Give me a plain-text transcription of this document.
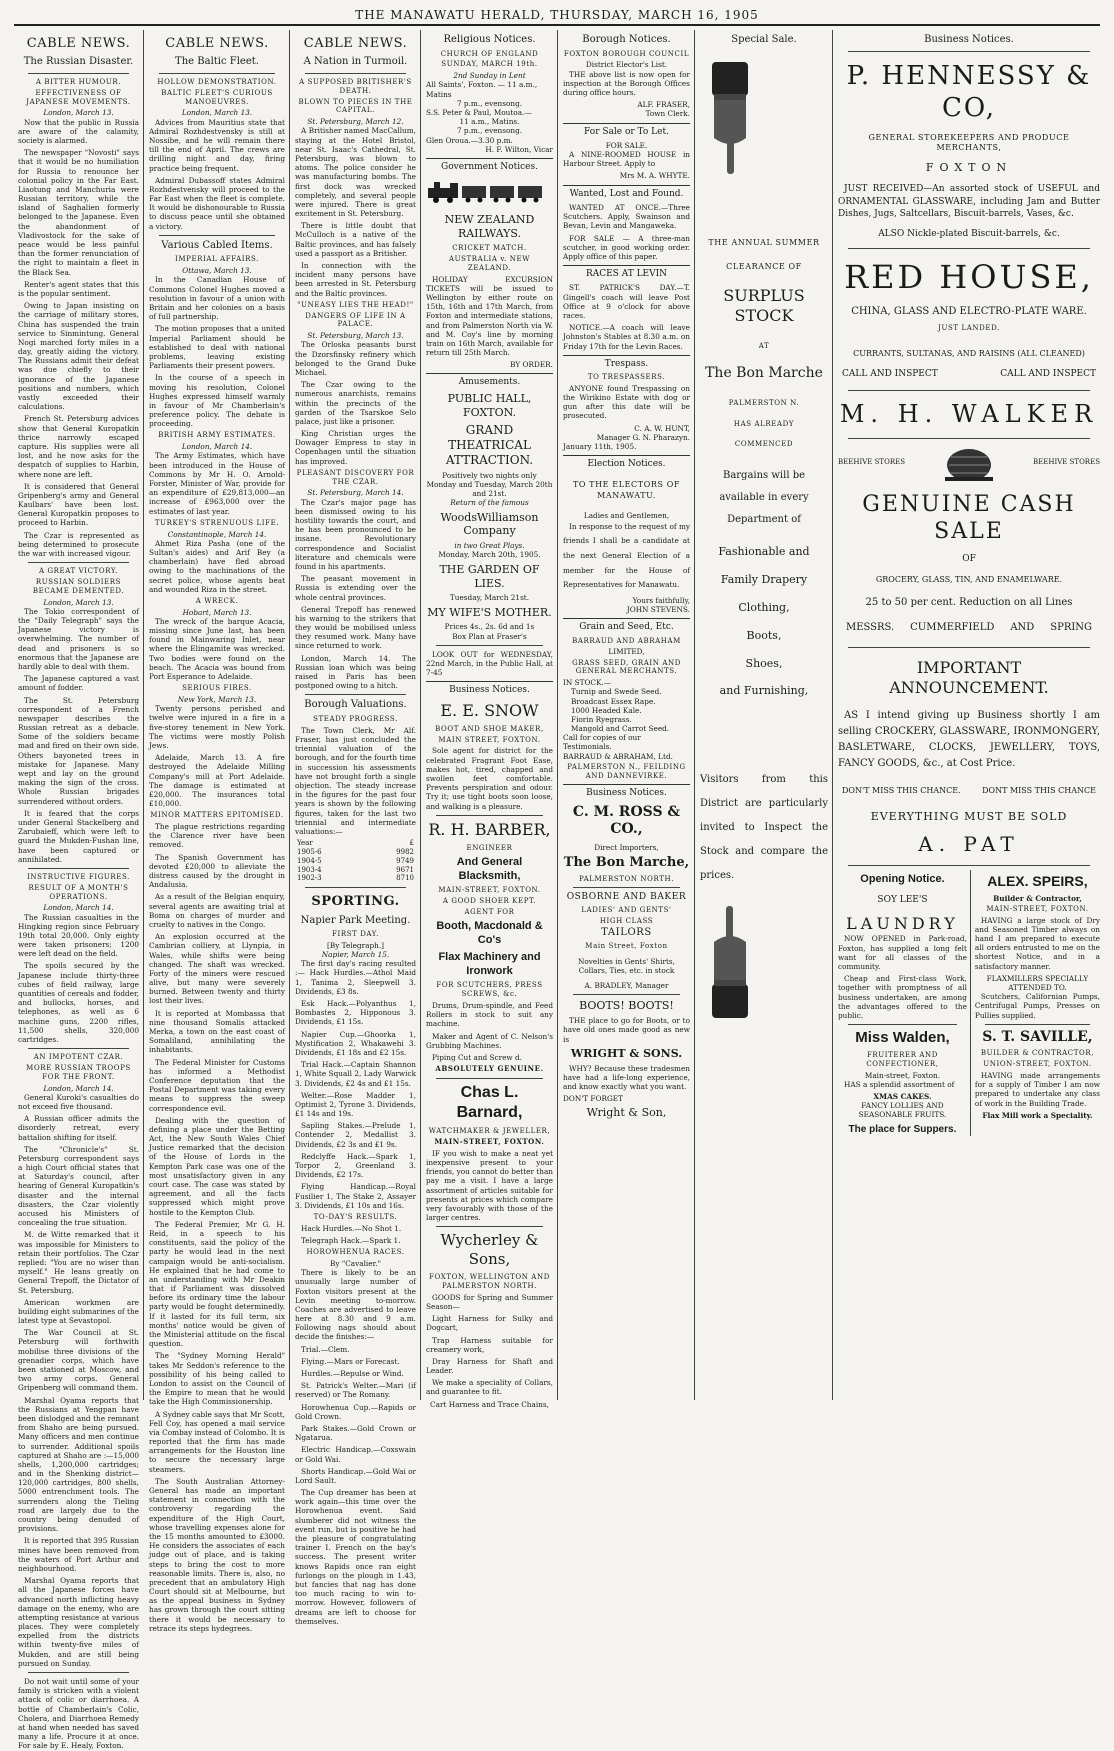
THE MANAWATU HERALD, THURSDAY, MARCH 16, 1905
CABLE NEWS.
The Russian Disaster.
A BITTER HUMOUR.
EFFECTIVENESS OF JAPANESE MOVEMENTS.
London, March 13.

Now that the public in Russia are aware of the calamity, society is alarmed.

The newspaper "Novosti" says that it would be no humiliation for Russia to renounce her colonial policy in the Far East. Liaotung and Manchuria were Russian territory, while the island of Saghalien formerly belonged to the Japanese. Even the abandonment of Vladivostock for the sake of peace would be less painful than the former renunciation of the right to maintain a fleet in the Black Sea.

Renter's agent states that this is the popular sentiment.

Owing to Japan insisting on the carriage of military stores, China has suspended the train service to Sinmintung. General Nogi marched forty miles in a day, greatly aiding the victory. The Russians admit their defeat was due chiefly to their ignorance of the Japanese positions and numbers, which vastly exceeded their calculations.

French St. Petersburg advices show that General Kuropatkin thrice narrowly escaped capture. His supplies were all lost, and he now asks for the despatch of supplies to Harbin, where none are left.

It is considered that General Gripenberg's army and General Kaulbars' have been lost. General Kuropatkin proposes to proceed to Harbin.

The Czar is represented as being determined to prosecute the war with increased vigour.

A GREAT VICTORY.
RUSSIAN SOLDIERS BECAME DEMENTED.
London, March 13.

The Tokio correspondent of the "Daily Telegraph" says the Japanese victory is overwhelming. The number of dead and prisoners is so enormous that the Japanese are hardly able to deal with them.

The Japanese captured a vast amount of fodder.

The St. Petersburg correspondent of a French newspaper describes the Russian retreat as a debacle. Some of the soldiers became mad and fired on their own side. Others bayoneted trees in mistake for Japanese. Many wept and lay on the ground making the sign of the cross. Whole Russian brigades surrendered without orders.

It is feared that the corps under General Stackelberg and Zarubaieff, which were left to guard the Mukden-Fushan line, have been captured or annihilated.

INSTRUCTIVE FIGURES.
RESULT OF A MONTH'S OPERATIONS.
London, March 14.

The Russian casualties in the Hingking region since February 19th total 20,000. Only eighty were taken prisoners; 1200 were left dead on the field.

The spoils secured by the Japanese include thirty-three cubes of field railway, large quantities of cereals and fodder, and bullocks, horses, and telephones, as well as 6 machine guns, 2200 rifles, 11,500 shells, 320,000 cartridges.

AN IMPOTENT CZAR.
MORE RUSSIAN TROOPS FOR THE FRONT.
London, March 14.

General Kuroki's casualties do not exceed five thousand.

A Russian officer admits the disorderly retreat, every battalion shifting for itself.

The "Chronicle's" St. Petersburg correspondent says a high Court official states that at Saturday's council, after hearing of General Kuropatkin's disaster and the internal disasters, the Czar violently accused his Ministers of concealing the true situation.

M. de Witte remarked that it was impossible for Ministers to retain their portfolios. The Czar replied: "You are no wiser than myself." He leans greatly on General Trepoff, the Dictator of St. Petersburg.

American workmen are building eight submarines of the latest type at Sevastopol.

The War Council at St. Petersburg will forthwith mobilise three divisions of the grenadier corps, which have been stationed at Moscow, and two army corps. General Gripenberg will command them.

Marshal Oyama reports that the Russians at Yengpan have been dislodged and the remnant from Shaho are being pursued. Many officers and men continue to surrender. Additional spoils captured at Shaho are :—15,000 shells, 1,200,000 cartridges; and in the Shenking district—120,000 cartridges, 800 shells, 5000 entrenchment tools. The surrenders along the Tieling road are largely due to the country being denuded of provisions.

It is reported that 395 Russian mines have been removed from the waters of Port Arthur and neighbourhood.

Marshal Oyama reports that all the Japanese forces have advanced north inflicting heavy damage on the enemy, who are attempting resistance at various places. They were completely expelled from the districts within twenty-five miles of Mukden, and are still being pursued on Sunday.

Do not wait until some of your family is stricken with a violent attack of colic or diarrhoea. A bottle of Chamberlain's Colic, Cholera, and Diarrhoea Remedy at hand when needed has saved many a life. Procure it at once. For sale by E. Healy, Foxton.

CABLE NEWS.
The Baltic Fleet.
HOLLOW DEMONSTRATION.
BALTIC FLEET'S CURIOUS MANOEUVRES.
London, March 13.

Advices from Mauritius state that Admiral Rozhdestvensky is still at Nossibe, and he will remain there till the end of April. The crews are drilling night and day, firing practice being frequent.

Admiral Dubassoff states Admiral Rozhdestvensky will proceed to the Far East when the fleet is complete. It would be dishonourable to Russia to discuss peace until she obtained a victory.

Various Cabled Items.
IMPERIAL AFFAIRS.
Ottawa, March 13.

In the Canadian House of Commons Colonel Hughes moved a resolution in favour of a union with Britain and her colonies on a basis of full partnership.

The motion proposes that a united Imperial Parliament should be established to deal with national problems, leaving existing Parliaments their present powers.

In the course of a speech in moving his resolution, Colonel Hughes expressed himself warmly in favour of Mr Chamberlain's preference policy. The debate is proceeding.

BRITISH ARMY ESTIMATES.
London, March 14.

The Army Estimates, which have been introduced in the House of Commons by Mr H. O. Arnold-Forster, Minister of War, provide for an expenditure of £29,813,000—an increase of £963,000 over the estimates of last year.

TURKEY'S STRENUOUS LIFE.
Constantinople, March 14.

Ahmet Riza Pasha (one of the Sultan's aides) and Arif Bey (a chamberlain) have fled abroad owing to the machinations of the secret police, whose agents beat and wounded Riza in the street.

A WRECK.
Hobart, March 13.

The wreck of the barque Acacia, missing since June last, has been found in Mainwaring Inlet, near where the Elingamite was wrecked. Two bodies were found on the beach. The Acacia was bound from Port Esperance to Adelaide.

SERIOUS FIRES.
New York, March 13.

Twenty persons perished and twelve were injured in a fire in a five-storey tenement in New York. The victims were mostly Polish Jews.

Adelaide, March 13. A fire destroyed the Adelaide Milling Company's mill at Port Adelaide. The damage is estimated at £20,000. The insurances total £10,000.

MINOR MATTERS EPITOMISED.

The plague restrictions regarding the Clarence river have been removed.

The Spanish Government has devoted £20,000 to alleviate the distress caused by the drought in Andalusia.

As a result of the Belgian enquiry, several agents are awaiting trial at Boma on charges of murder and cruelty to natives in the Congo.

An explosion occurred at the Cambrian colliery, at Llynpia, in Wales, while shifts were being changed. The shaft was wrecked. Forty of the miners were rescued alive, but many were severely burned. Between twenty and thirty lost their lives.

It is reported at Mombassa that nine thousand Somalis attacked Merka, a town on the east coast of Somaliland, annihilating the inhabitants.

The Federal Minister for Customs has informed a Methodist Conference deputation that the Postal Department was taking every means to suppress the sweep correspondence evil.

Dealing with the question of defining a place under the Betting Act, the New South Wales Chief Justice remarked that the decision of the House of Lords in the Kempton Park case was one of the most unsatisfactory given in any court case. The case was stated by agreement, and all the facts suppressed which might prove hostile to the Kempton Club.

The Federal Premier, Mr G. H. Reid, in a speech to his constituents, said the policy of the party he would lead in the next campaign would be anti-socialism. He explained that he had come to an understanding with Mr Deakin that if Parliament was dissolved before its ordinary time the labour party would be fought determinedly. If it lasted for its full term, six months' notice would be given of the Ministerial attitude on the fiscal question.

The "Sydney Morning Herald" takes Mr Seddon's reference to the possibility of his being called to London to assist on the Council of the Empire to mean that he would take the High Commissionership.

A Sydney cable says that Mr Scott, Fell Coy, has opened a mail service via Combay instead of Colombo. It is reported that the firm has made arrangements for the Houston line to secure the necessary large steamers.

The South Australian Attorney-General has made an important statement in connection with the controversy regarding the expenditure of the High Court, whose travelling expenses alone for the 15 months amounted to £3000. He considers the associates of each judge out of place, and is taking steps to bring the cost to more reasonable limits. There is, also, no precedent that an ambulatory High Court should sit at Melbourne, but as the appeal business in Sydney has grown through the court sitting there it would be necessary to retrace its steps hydegrees.

CABLE NEWS.
A Nation in Turmoil.
A SUPPOSED BRITISHER'S DEATH.
BLOWN TO PIECES IN THE CAPITAL.
St. Petersburg, March 12.

A Britisher named MacCallum, staying at the Hotel Bristol, near St. Isaac's Cathedral, St. Petersburg, was blown to atoms. The police consider he was manufacturing bombs. The first dock was wrecked completely, and several people were injured. There is great excitement in St. Petersburg.

There is little doubt that McCulloch is a native of the Baltic provinces, and has falsely used a passport as a Britisher.

In connection with the incident many persons have been arrested in St. Petersburg and the Baltic provinces.

"UNEASY LIES THE HEAD!"
DANGERS OF LIFE IN A PALACE.
St. Petersburg, March 13.

The Orloska peasants burst the Dzorsfinsky refinery which belonged to the Grand Duke Michael.

The Czar owing to the numerous anarchists, remains within the precincts of the garden of the Tsarskoe Selo palace, just like a prisoner.

King Christian urges the Dowager Empress to stay in Copenhagen until the situation has improved.

PLEASANT DISCOVERY FOR THE CZAR.
St. Petersburg, March 14.

The Czar's major page has been dismissed owing to his hostility towards the court, and he has been pronounced to be insane. Revolutionary correspondence and Socialist literature and chemicals were found in his apartments.

The peasant movement in Russia is extending over the whole central provinces.

General Trepoff has renewed his warning to the strikers that they would be mobilised unless they resumed work. Many have since returned to work.

London, March 14. The Russian loan which was being raised in Paris has been postponed owing to a hitch.

Borough Valuations.
STEADY PROGRESS.

The Town Clerk, Mr Alf. Fraser, has just concluded the triennial valuation of the borough, and for the fourth time in succession his assessments have not brought forth a single objection. The steady increase in the figures for the past four years is shown by the following figures, taken for the last two triennial and intermediate valuations:—

Year	£
1905-6	9982
1904-5	9749
1903-4	9671
1902-3	8710
SPORTING.
Napier Park Meeting.
FIRST DAY.
[By Telegraph.]
Napier, March 15.

The first day's racing resulted :— Hack Hurdles.—Athol Maid 1, Tanima 2, Sleepwell 3. Dividends, £3 8s.

Esk Hack.—Polyanthus 1, Bombastes 2, Hipponous 3. Dividends, £1 15s.

Napier Cup.—Ghoorka 1, Mystification 2, Whakawehi 3. Dividends, £1 18s and £2 15s.

Trial Hack.—Captain Shannon 1, White Squall 2, Lady Warwick 3. Dividends, £2 4s and £1 15s.

Welter.—Rose Madder 1, Optimist 2, Tyrone 3. Dividends, £1 14s and 19s.

Sapling Stakes.—Prelude 1, Contender 2, Medallist 3. Dividends, £2 3s and £1 9s.

Redclyffe Hack.—Spark 1, Torpor 2, Greenland 3. Dividends, £2 17s.

Flying Handicap.—Royal Fusilier 1, The Stake 2, Assayer 3. Dividends, £1 10s and 16s.

TO-DAY'S RESULTS.

Hack Hurdles.—No Shot 1.

Telegraph Hack.—Spark 1.

HOROWHENUA RACES.
By "Cavalier."

There is likely to be an unusually large number of Foxton visitors present at the Levin meeting to-morrow. Coaches are advertised to leave here at 8.30 and 9 a.m. Following nags should about decide the finishes:—

Trial.—Clem.

Flying.—Mars or Forecast.

Hurdles.—Repulse or Wind.

St. Patrick's Welter.—Mari (if reserved) or The Romany.

Horowhenua Cup.—Rapids or Gold Crown.

Park Stakes.—Gold Crown or Ngatarua.

Electric Handicap.—Coxswain or Gold Wai.

Shorts Handicap.—Gold Wai or Lord Sault.

The Cup dreamer has been at work again—this time over the Horowhenua event. Said slumberer did not witness the event run, but is positive he had the pleasure of congratulating trainer I. French on the bay's success. The present writer knows Rapids once ran eight furlongs on the plough in 1.43, but fancies that nag has done too much racing to win to-morrow. However, followers of dreams are left to choose for themselves.

Religious Notices.
CHURCH OF ENGLAND
SUNDAY, MARCH 19th.
2nd Sunday in Lent
All Saints', Foxton. — 11 a.m., Matins
7 p.m., evensong.
S.S. Peter & Paul, Moutoa.—
11 a.m., Matins.
7 p.m., evensong.
Glen Oroua.—3.30 p.m.
H. F. Wilton, Vicar
Government Notices.
NEW ZEALAND RAILWAYS.
CRICKET MATCH.
AUSTRALIA v. NEW ZEALAND.

HOLIDAY EXCURSION TICKETS will be issued to Wellington by either route on 15th, 16th and 17th March, from Foxton and intermediate stations, and from Palmerston North via W. and M. Coy's line by morning train on 16th March, available for return till 25th March.

BY ORDER.
Amusements.
PUBLIC HALL, FOXTON.
GRAND THEATRICAL ATTRACTION.
Positively two nights only
Monday and Tuesday, March 20th and 21st.
Return of the famous
WoodsWilliamson Company
in two Great Plays.
Monday, March 20th, 1905.
THE GARDEN OF LIES.
Tuesday, March 21st.
MY WIFE'S MOTHER.
Prices 4s., 2s. 6d and 1s
Box Plan at Fraser's

LOOK OUT for WEDNESDAY, 22nd March, in the Public Hall, at 7-45

Business Notices.
E. E. SNOW
BOOT AND SHOE MAKER,
MAIN STREET, FOXTON.

Sole agent for district for the celebrated Fragrant Foot Ease, makes hot, tired, chapped and swollen feet comfortable. Prevents perspiration and odour. Try it; use tight boots soon loose, and walking is a pleasure.

R. H. BARBER,
ENGINEER
And General Blacksmith,
MAIN-STREET, FOXTON.
A GOOD SHOER KEPT.
AGENT FOR
Booth, Macdonald & Co's
Flax Machinery and Ironwork
FOR SCUTCHERS, PRESS SCREWS, &c.

Drums, Drum-spindle, and Feed Rollers in stock to suit any machine.

Maker and Agent of C. Nelson's Grubbing Machines.

Piping Cut and Screw d.

ABSOLUTELY GENUINE.
Chas L. Barnard,
WATCHMAKER & JEWELLER,
MAIN-STREET, FOXTON.

IF you wish to make a neat yet inexpensive present to your friends, you cannot do better than pay me a visit. I have a large assortment of articles suitable for presents at prices which compare very favourably with those of the larger centres.

Wycherley & Sons,
FOXTON, WELLINGTON AND PALMERSTON NORTH.

GOODS for Spring and Summer Season—

Light Harness for Sulky and Dogcart,

Trap Harness suitable for creamery work,

Dray Harness for Shaft and Leader.

We make a speciality of Collars, and guarantee to fit.

Cart Harness and Trace Chains,
Borough Notices.
FOXTON BOROUGH COUNCIL
District Elector's List.

THE above list is now open for inspection at the Borough Offices during office hours.

ALF. FRASER,
Town Clerk.
For Sale or To Let.
FOR SALE.

A NINE-ROOMED HOUSE in Harbour Street. Apply to

Mrs M. A. WHYTE.
Wanted, Lost and Found.

WANTED AT ONCE.—Three Scutchers. Apply, Swainson and Bevan, Levin and Mangaweka.

FOR SALE — A three-man scutcher, in good working order. Apply office of this paper.

RACES AT LEVIN

ST. PATRICK'S DAY.—T. Gingell's coach will leave Post Office at 9 o'clock for above races.

NOTICE.—A coach will leave Johnston's Stables at 8.30 a.m. on Friday 17th for the Levin Races.

Trespass.
TO TRESPASSERS.

ANYONE found Trespassing on the Wirikino Estate with dog or gun after this date will be prosecuted.

C. A. W. HUNT,
Manager G. N. Pharazyn.
January 11th, 1905.
Election Notices.
TO THE ELECTORS OF MANAWATU.
Ladies and Gentlemen,

In response to the request of my friends I shall be a candidate at the next General Election of a member for the House of Representatives for Manawatu.

Yours faithfully,
JOHN STEVENS.
Grain and Seed, Etc.
BARRAUD AND ABRAHAM
LIMITED,
GRASS SEED, GRAIN AND GENERAL MERCHANTS.
IN STOCK.—
Turnip and Swede Seed.
Broadcast Essex Rape.
1000 Headed Kale.
Fiorin Ryegrass.
Mangold and Carrot Seed.
Call for copies of our Testimonials.
BARRAUD & ABRAHAM, Ltd.
PALMERSTON N., FEILDING AND DANNEVIRKE.
Business Notices.
C. M. ROSS & CO.,
Direct Importers,
The Bon Marche,
PALMERSTON NORTH.
OSBORNE AND BAKER
LADIES' AND GENTS'
HIGH CLASS
TAILORS
Main Street, Foxton
Novelties in Gents' Shirts, Collars, Ties, etc. in stock
A. BRADLEY, Manager
BOOTS! BOOTS!

THE place to go for Boots, or to have old ones made good as new is

WRIGHT & SONS.

WHY? Because these tradesmen have had a life-long experience, and know exactly what you want.

DON'T FORGET
Wright & Son,
Special Sale.
THE ANNUAL SUMMER
CLEARANCE OF
SURPLUS STOCK
AT
The Bon Marche
PALMERSTON N.
HAS ALREADY
COMMENCED
Bargains will be available in every Department of
Fashionable and
Family Drapery
Clothing,
Boots,
Shoes,
and Furnishing,
Visitors from this District are particularly invited to Inspect the Stock and compare the prices.
Business Notices.
P. HENNESSY & CO,
GENERAL STOREKEEPERS AND PRODUCE MERCHANTS,
FOXTON

JUST RECEIVED—An assorted stock of USEFUL and ORNAMENTAL GLASSWARE, including Jam and Butter Dishes, Jugs, Saltcellars, Biscuit-barrels, Vases, &c.

ALSO Nickle-plated Biscuit-barrels, &c.
RED HOUSE,
CHINA, GLASS AND ELECTRO-PLATE WARE.
JUST LANDED.
CURRANTS, SULTANAS, AND RAISINS (ALL CLEANED)
CALL AND INSPECT	CALL AND INSPECT
M. H. WALKER
BEEHIVE STORES	BEEHIVE STORES
GENUINE CASH SALE
OF
GROCERY, GLASS, TIN, AND ENAMELWARE.
25 to 50 per cent. Reduction on all Lines
MESSRS. CUMMERFIELD AND SPRING
IMPORTANT ANNOUNCEMENT.

AS I intend giving up Business shortly I am selling CROCKERY, GLASSWARE, IRONMONGERY, BASLETWARE, CLOCKS, JEWELLERY, TOYS, FANCY GOODS, &c., at Cost Price.

DON'T MISS THIS CHANCE.	DONT MISS THIS CHANCE
EVERYTHING MUST BE SOLD
A. PAT
Opening Notice.
SOY LEE'S
LAUNDRY

NOW OPENED in Park-road, Foxton, has supplied a long felt want for all classes of the community.

Cheap and First-class Work, together with promptness of all business undertaken, are among the advantages offered to the public.

Miss Walden,
FRUITERER AND CONFECTIONER,
Main-street, Foxton.

HAS a splendid assortment of

XMAS CAKES.
FANCY LOLLIES AND SEASONABLE FRUITS.
The place for Suppers.
ALEX. SPEIRS,
Builder & Contractor,
MAIN-STREET, FOXTON.

HAVING a large stock of Dry and Seasoned Timber always on hand I am prepared to execute all orders entrusted to me on the shortest Notice, and in a satisfactory manner.

FLAXMILLERS SPECIALLY ATTENDED TO.

Scutchers, Californian Pumps, Centrifugal Pumps, Presses on Pullies supplied.

S. T. SAVILLE,
BUILDER & CONTRACTOR,
UNION-STREET, FOXTON.

HAVING made arrangements for a supply of Timber I am now prepared to undertake any class of work in the Building Trade.

Flax Mill work a Speciality.
